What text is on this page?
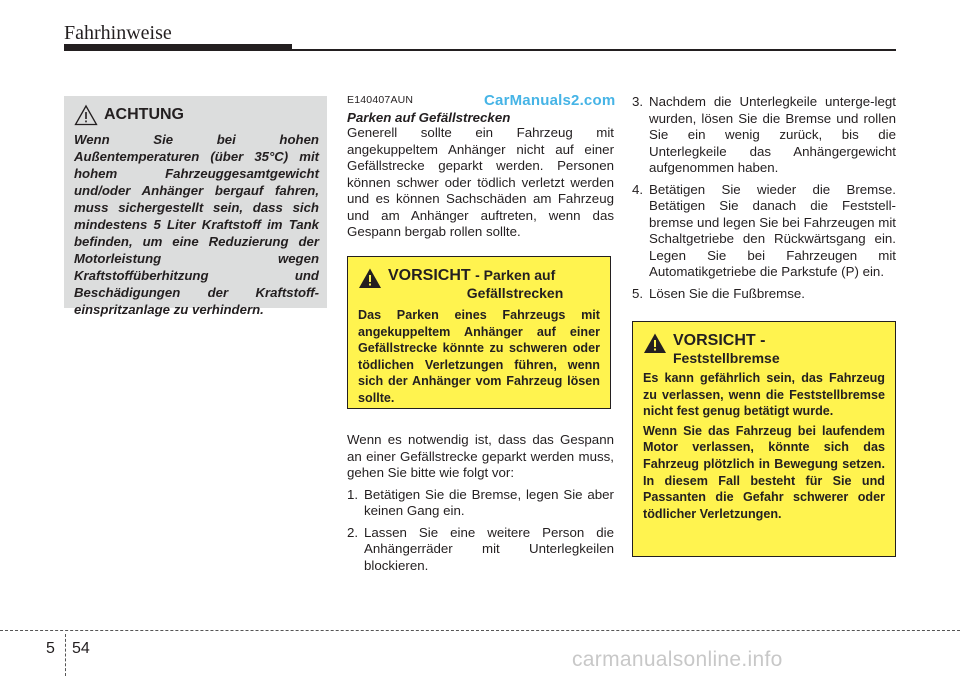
Fahrhinweise
ACHTUNG

Wenn Sie bei hohen Außentemperaturen (über 35°C) mit hohem Fahrzeuggesamtgewicht und/oder Anhänger bergauf fahren, muss sichergestellt sein, dass sich mindestens 5 Liter Kraftstoff im Tank befinden, um eine Reduzierung der Motorleistung wegen Kraftstoffüberhitzung und Beschädigungen der Kraftstoff-einspritzanlage zu verhindern.

CarManuals2.com
E140407AUN
Parken auf Gefällstrecken

Generell sollte ein Fahrzeug mit angekuppeltem Anhänger nicht auf einer Gefällstrecke geparkt werden. Personen können schwer oder tödlich verletzt werden und es können Sachschäden am Fahrzeug und am Anhänger auftreten, wenn das Gespann bergab rollen sollte.

VORSICHT - Parken auf
Gefällstrecken

Das Parken eines Fahrzeugs mit angekuppeltem Anhänger auf einer Gefällstrecke könnte zu schweren oder tödlichen Verletzungen führen, wenn sich der Anhänger vom Fahrzeug lösen sollte.

Wenn es notwendig ist, dass das Gespann an einer Gefällstrecke geparkt werden muss, gehen Sie bitte wie folgt vor:

1. Betätigen Sie die Bremse, legen Sie aber keinen Gang ein.
2. Lassen Sie eine weitere Person die Anhängerräder mit Unterlegkeilen blockieren.
3. Nachdem die Unterlegkeile unterge-legt wurden, lösen Sie die Bremse und rollen Sie ein wenig zurück, bis die Unterlegkeile das Anhängergewicht aufgenommen haben.
4. Betätigen Sie wieder die Bremse. Betätigen Sie danach die Feststell-bremse und legen Sie bei Fahrzeugen mit Schaltgetriebe den Rückwärtsgang ein. Legen Sie bei Fahrzeugen mit Automatikgetriebe die Parkstufe (P) ein.
5. Lösen Sie die Fußbremse.
VORSICHT -
Feststellbremse

Es kann gefährlich sein, das Fahrzeug zu verlassen, wenn die Feststellbremse nicht fest genug betätigt wurde.

Wenn Sie das Fahrzeug bei laufendem Motor verlassen, könnte sich das Fahrzeug plötzlich in Bewegung setzen. In diesem Fall besteht für Sie und Passanten die Gefahr schwerer oder tödlicher Verletzungen.

5 54	carmanualsonline.info
